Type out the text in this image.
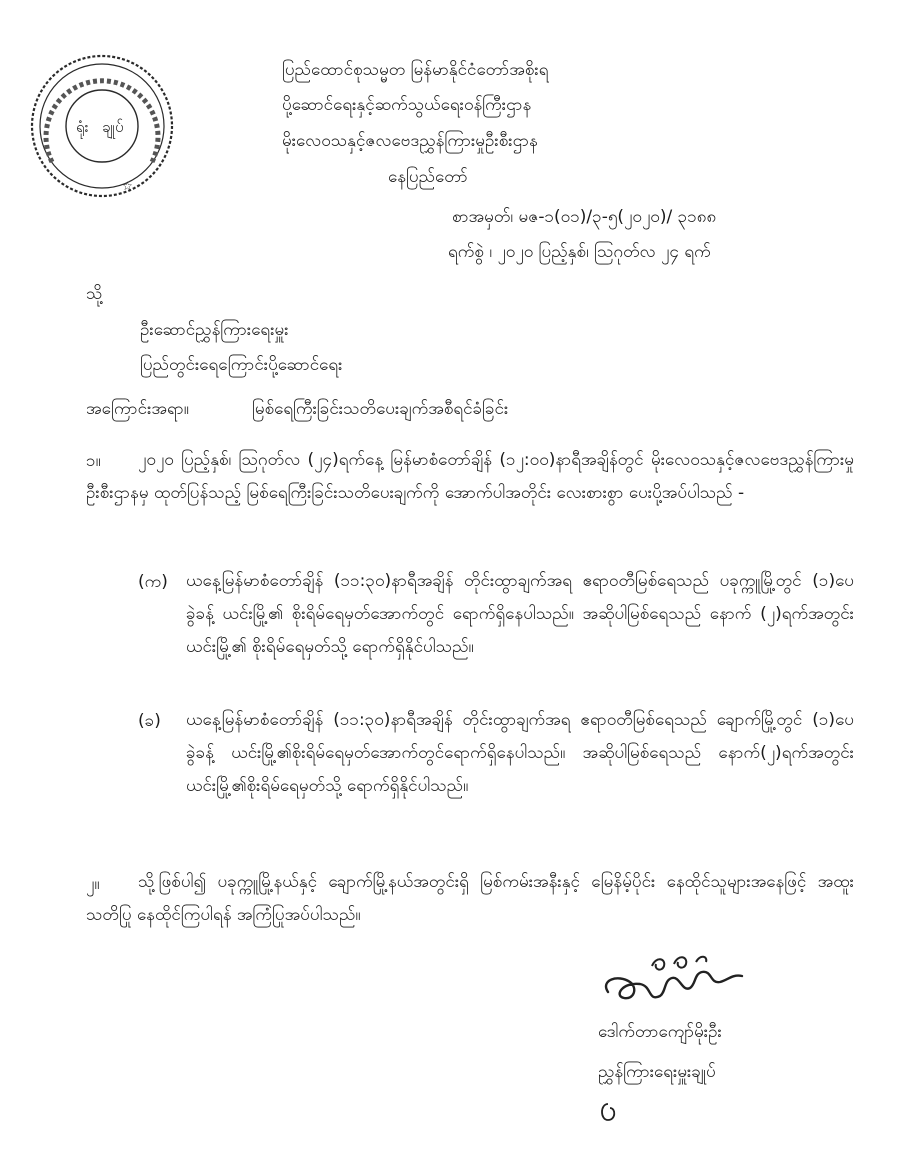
ရုံး ချုပ်
☆
ပြည်ထောင်စုသမ္မတ မြန်မာနိုင်ငံတော်အစိုးရ
ပို့ဆောင်ရေးနှင့်ဆက်သွယ်ရေးဝန်ကြီးဌာန
မိုးလေဝသနှင့်ဇလဗေဒညွှန်ကြားမှုဦးစီးဌာန
နေပြည်တော်
စာအမှတ်၊ မဇ-၁(၀၁)/၃-၅(၂၀၂၀)/ ၃၁၈၈
ရက်စွဲ ၊ ၂၀၂၀ ပြည့်နှစ်၊ ဩဂုတ်လ ၂၄ ရက်
သို့
ဦးဆောင်ညွှန်ကြားရေးမှူး
ပြည်တွင်းရေကြောင်းပို့ဆောင်ရေး
အကြောင်းအရာ။	မြစ်ရေကြီးခြင်းသတိပေးချက်အစီရင်ခံခြင်း
၁။	၂၀၂၀ ပြည့်နှစ်၊ ဩဂုတ်လ (၂၄)ရက်နေ့ မြန်မာစံတော်ချိန် (၁၂:၀၀)နာရီအချိန်တွင် မိုးလေဝသနှင့်ဇလဗေဒညွှန်ကြားမှုဦးစီးဌာနမှ ထုတ်ပြန်သည့် မြစ်ရေကြီးခြင်းသတိပေးချက်ကို အောက်ပါအတိုင်း လေးစားစွာ ပေးပို့အပ်ပါသည် -
(က) ယနေ့မြန်မာစံတော်ချိန် (၁၁:၃၀)နာရီအချိန် တိုင်းထွာချက်အရ ဧရာဝတီမြစ်ရေသည် ပခုက္ကူမြို့တွင် (၁)ပေခွဲခန့် ယင်းမြို့၏ စိုးရိမ်ရေမှတ်အောက်တွင် ရောက်ရှိနေပါသည်။ အဆိုပါမြစ်ရေသည် နောက် (၂)ရက်အတွင်း ယင်းမြို့၏ စိုးရိမ်ရေမှတ်သို့ ရောက်ရှိနိုင်ပါသည်။
(ခ) ယနေ့မြန်မာစံတော်ချိန် (၁၁:၃၀)နာရီအချိန် တိုင်းထွာချက်အရ ဧရာဝတီမြစ်ရေသည် ချောက်မြို့တွင် (၁)ပေခွဲခန့် ယင်းမြို့၏စိုးရိမ်ရေမှတ်အောက်တွင်ရောက်ရှိနေပါသည်။ အဆိုပါမြစ်ရေသည် နောက်(၂)ရက်အတွင်း ယင်းမြို့၏စိုးရိမ်ရေမှတ်သို့ ရောက်ရှိနိုင်ပါသည်။
၂။	သို့ဖြစ်ပါ၍ ပခုက္ကူမြို့နယ်နှင့် ချောက်မြို့နယ်အတွင်းရှိ မြစ်ကမ်းအနီးနှင့် မြေနိမ့်ပိုင်း နေထိုင်သူများအနေဖြင့် အထူးသတိပြု နေထိုင်ကြပါရန် အကြံပြုအပ်ပါသည်။
ဒေါက်တာကျော်မိုးဦး
ညွှန်ကြားရေးမှူးချုပ်
